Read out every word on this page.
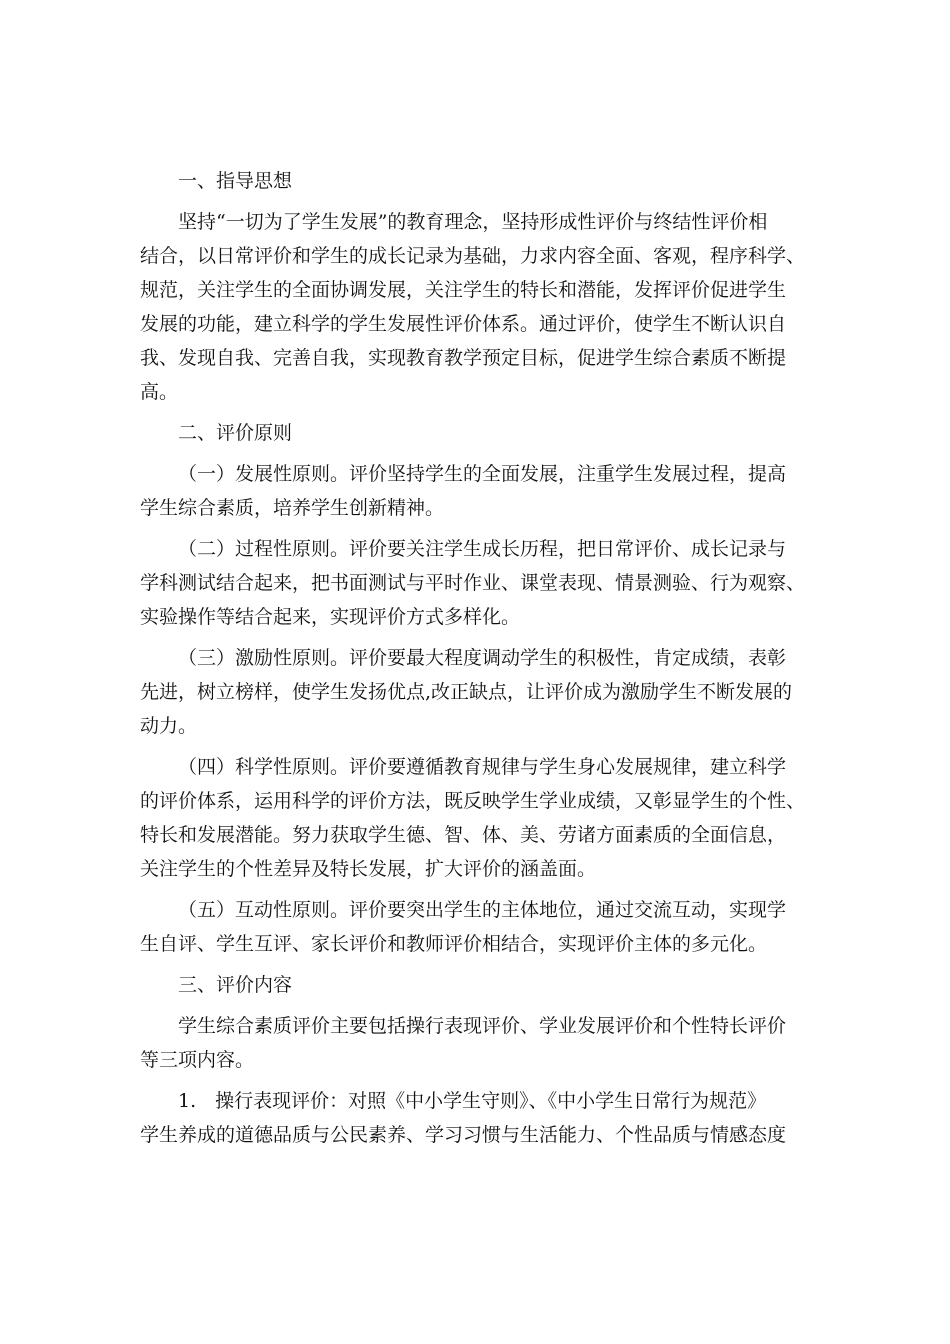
一、指导思想
坚持“一切为了学生发展”的教育理念，坚持形成性评价与终结性评价相
结合，以日常评价和学生的成长记录为基础，力求内容全面、客观，程序科学、
规范，关注学生的全面协调发展，关注学生的特长和潜能，发挥评价促进学生
发展的功能，建立科学的学生发展性评价体系。通过评价，使学生不断认识自
我、发现自我、完善自我，实现教育教学预定目标，促进学生综合素质不断提
高。
二、评价原则
（一）发展性原则。评价坚持学生的全面发展，注重学生发展过程，提高
学生综合素质，培养学生创新精神。
（二）过程性原则。评价要关注学生成长历程，把日常评价、成长记录与
学科测试结合起来，把书面测试与平时作业、课堂表现、情景测验、行为观察、
实验操作等结合起来，实现评价方式多样化。
（三）激励性原则。评价要最大程度调动学生的积极性，肯定成绩，表彰
先进，树立榜样，使学生发扬优点,改正缺点，让评价成为激励学生不断发展的
动力。
（四）科学性原则。评价要遵循教育规律与学生身心发展规律，建立科学
的评价体系，运用科学的评价方法，既反映学生学业成绩，又彰显学生的个性、
特长和发展潜能。努力获取学生德、智、体、美、劳诸方面素质的全面信息，
关注学生的个性差异及特长发展，扩大评价的涵盖面。
（五）互动性原则。评价要突出学生的主体地位，通过交流互动，实现学
生自评、学生互评、家长评价和教师评价相结合，实现评价主体的多元化。
三、评价内容
学生综合素质评价主要包括操行表现评价、学业发展评价和个性特长评价
等三项内容。
1.　操行表现评价：对照《中小学生守则》、《中小学生日常行为规范》
学生养成的道德品质与公民素养、学习习惯与生活能力、个性品质与情感态度
